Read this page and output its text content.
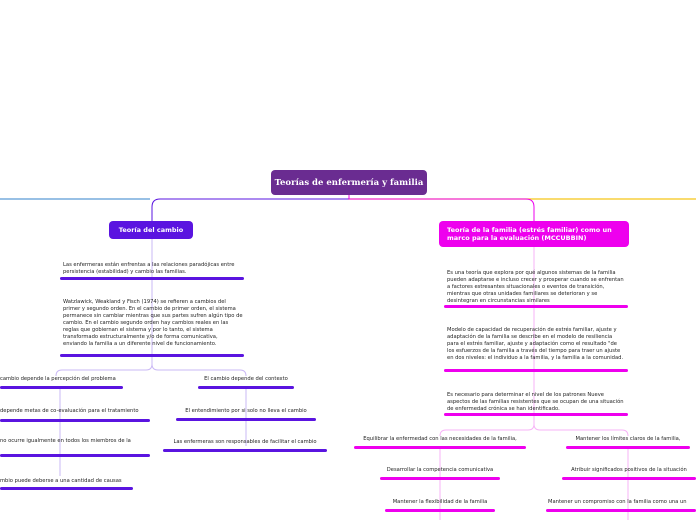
Teorías de enfermería y familia
Teoría del cambio
Las enfermeras están enfrentas a las relaciones paradójicas entre persistencia (estabilidad) y cambio las familias.
Watzlawick, Weakland y Fisch (1974) se refieren a cambios del primer y segundo orden. En el cambio de primer orden, el sistema permanece sin cambiar mientras que sus partes sufren algún tipo de cambio. En el cambio segundo orden hay cambios reales en las reglas que gobiernan el sistema y por lo tanto, el sistema transformado estructuralmente y/o de forma comunicativa, enviando la familia a un diferente nivel de funcionamiento.
cambio depende la percepción del problema
depende metas de co-evaluación para el tratamiento
no ocurre igualmente en todos los miembros de la
mbio puede deberse a una cantidad de causas
El cambio depende del contexto
El entendimiento por si solo no lleva el cambio
Las enfermeras son responsables de facilitar el cambio
Teoría de la familia (estrés familiar) como un marco para la evaluación (MCCUBBIN)
Es una teoría que explora por qué algunos sistemas de la familia pueden adaptarse e incluso crecer y prosperar cuando se enfrentan a factores estresantes situacionales o eventos de transición, mientras que otras unidades familiares se deterioran y se desintegran en circunstancias similares
Modelo de capacidad de recuperación de estrés familiar, ajuste y adaptación de la familia se describe en el modelo de resiliencia para el estrés familiar, ajuste y adaptación como el resultado "de los esfuerzos de la familia a través del tiempo para traer un ajuste en dos niveles: el individuo a la familia, y la familia a la comunidad.
Es necesario para determinar el nivel de los patrones Nueve aspectos de las familias resistentes que se ocupan de una situación de enfermedad crónica se han identificado.
Equilibrar la enfermedad con las necesidades de la familia,
Desarrollar la competencia comunicativa
Mantener la flexibilidad de la familia
Mantener los límites claros de la familia,
Atribuir significados positivos de la situación
Mantener un compromiso con la familia como una un
